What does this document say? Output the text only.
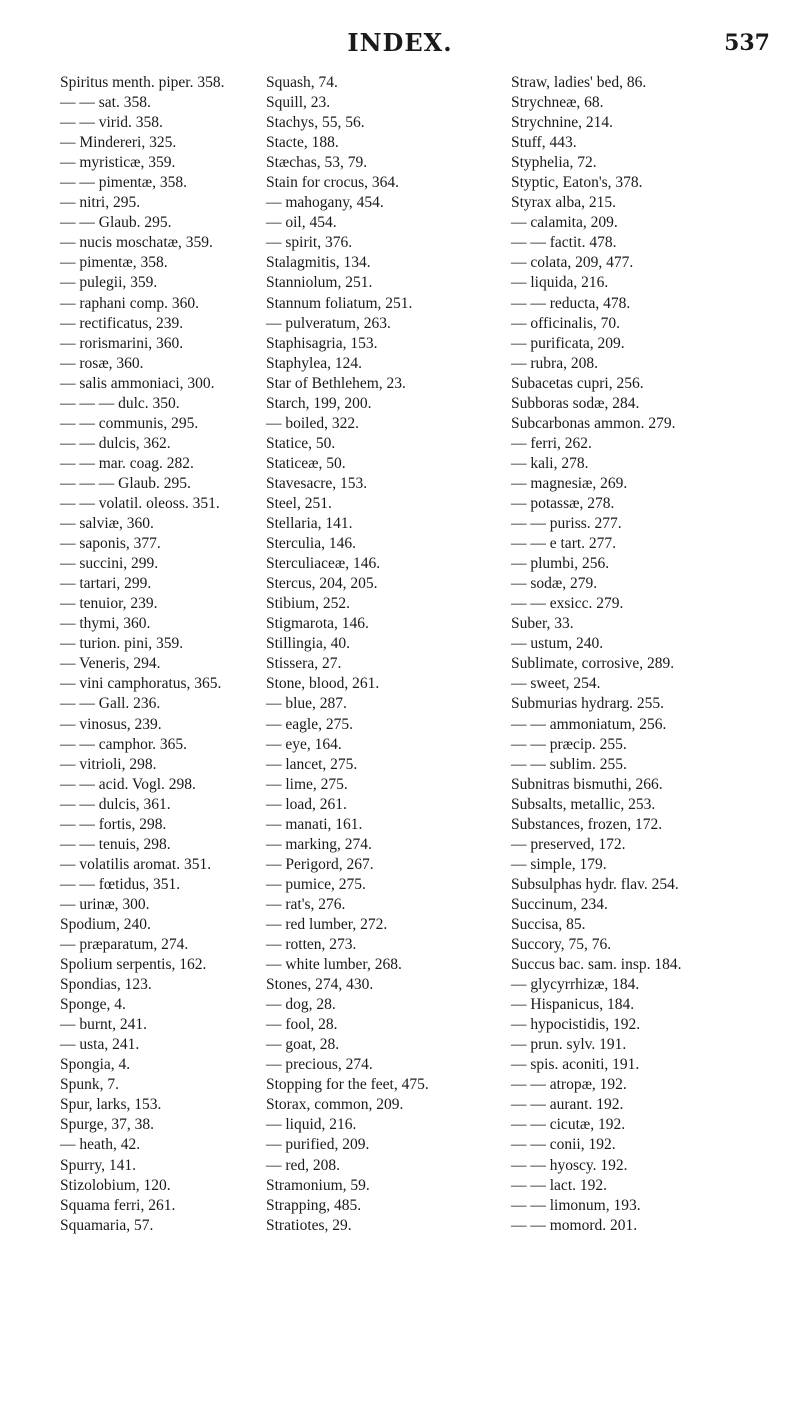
INDEX.	537
Spiritus menth. piper. 358.
— — sat. 358.
— — virid. 358.
— Mindereri, 325.
— myristicæ, 359.
— — pimentæ, 358.
— nitri, 295.
— — Glaub. 295.
— nucis moschatæ, 359.
— pimentæ, 358.
— pulegii, 359.
— raphani comp. 360.
— rectificatus, 239.
— rorismarini, 360.
— rosæ, 360.
— salis ammoniaci, 300.
— — — dulc. 350.
— — communis, 295.
— — dulcis, 362.
— — mar. coag. 282.
— — — Glaub. 295.
— — volatil. oleoss. 351.
— salviæ, 360.
— saponis, 377.
— succini, 299.
— tartari, 299.
— tenuior, 239.
— thymi, 360.
— turion. pini, 359.
— Veneris, 294.
— vini camphoratus, 365.
— — Gall. 236.
— vinosus, 239.
— — camphor. 365.
— vitrioli, 298.
— — acid. Vogl. 298.
— — dulcis, 361.
— — fortis, 298.
— — tenuis, 298.
— volatilis aromat. 351.
— — fœtidus, 351.
— urinæ, 300.
Spodium, 240.
— præparatum, 274.
Spolium serpentis, 162.
Spondias, 123.
Sponge, 4.
— burnt, 241.
— usta, 241.
Spongia, 4.
Spunk, 7.
Spur, larks, 153.
Spurge, 37, 38.
— heath, 42.
Spurry, 141.
Stizolobium, 120.
Squama ferri, 261.
Squamaria, 57.
Squash, 74.
Squill, 23.
Stachys, 55, 56.
Stacte, 188.
Stæchas, 53, 79.
Stain for crocus, 364.
— mahogany, 454.
— oil, 454.
— spirit, 376.
Stalagmitis, 134.
Stanniolum, 251.
Stannum foliatum, 251.
— pulveratum, 263.
Staphisagria, 153.
Staphylea, 124.
Star of Bethlehem, 23.
Starch, 199, 200.
— boiled, 322.
Statice, 50.
Staticeæ, 50.
Stavesacre, 153.
Steel, 251.
Stellaria, 141.
Sterculia, 146.
Sterculiaceæ, 146.
Stercus, 204, 205.
Stibium, 252.
Stigmarota, 146.
Stillingia, 40.
Stissera, 27.
Stone, blood, 261.
— blue, 287.
— eagle, 275.
— eye, 164.
— lancet, 275.
— lime, 275.
— load, 261.
— manati, 161.
— marking, 274.
— Perigord, 267.
— pumice, 275.
— rat's, 276.
— red lumber, 272.
— rotten, 273.
— white lumber, 268.
Stones, 274, 430.
— dog, 28.
— fool, 28.
— goat, 28.
— precious, 274.
Stopping for the feet, 475.
Storax, common, 209.
— liquid, 216.
— purified, 209.
— red, 208.
Stramonium, 59.
Strapping, 485.
Stratiotes, 29.
Straw, ladies' bed, 86.
Strychneæ, 68.
Strychnine, 214.
Stuff, 443.
Styphelia, 72.
Styptic, Eaton's, 378.
Styrax alba, 215.
— calamita, 209.
— — factit. 478.
— colata, 209, 477.
— liquida, 216.
— — reducta, 478.
— officinalis, 70.
— purificata, 209.
— rubra, 208.
Subacetas cupri, 256.
Subboras sodæ, 284.
Subcarbonas ammon. 279.
— ferri, 262.
— kali, 278.
— magnesiæ, 269.
— potassæ, 278.
— — puriss. 277.
— — e tart. 277.
— plumbi, 256.
— sodæ, 279.
— — exsicc. 279.
Suber, 33.
— ustum, 240.
Sublimate, corrosive, 289.
— sweet, 254.
Submurias hydrarg. 255.
— — ammoniatum, 256.
— — præcip. 255.
— — sublim. 255.
Subnitras bismuthi, 266.
Subsalts, metallic, 253.
Substances, frozen, 172.
— preserved, 172.
— simple, 179.
Subsulphas hydr. flav. 254.
Succinum, 234.
Succisa, 85.
Succory, 75, 76.
Succus bac. sam. insp. 184.
— glycyrrhizæ, 184.
— Hispanicus, 184.
— hypocistidis, 192.
— prun. sylv. 191.
— spis. aconiti, 191.
— — atropæ, 192.
— — aurant. 192.
— — cicutæ, 192.
— — conii, 192.
— — hyoscy. 192.
— — lact. 192.
— — limonum, 193.
— — momord. 201.
